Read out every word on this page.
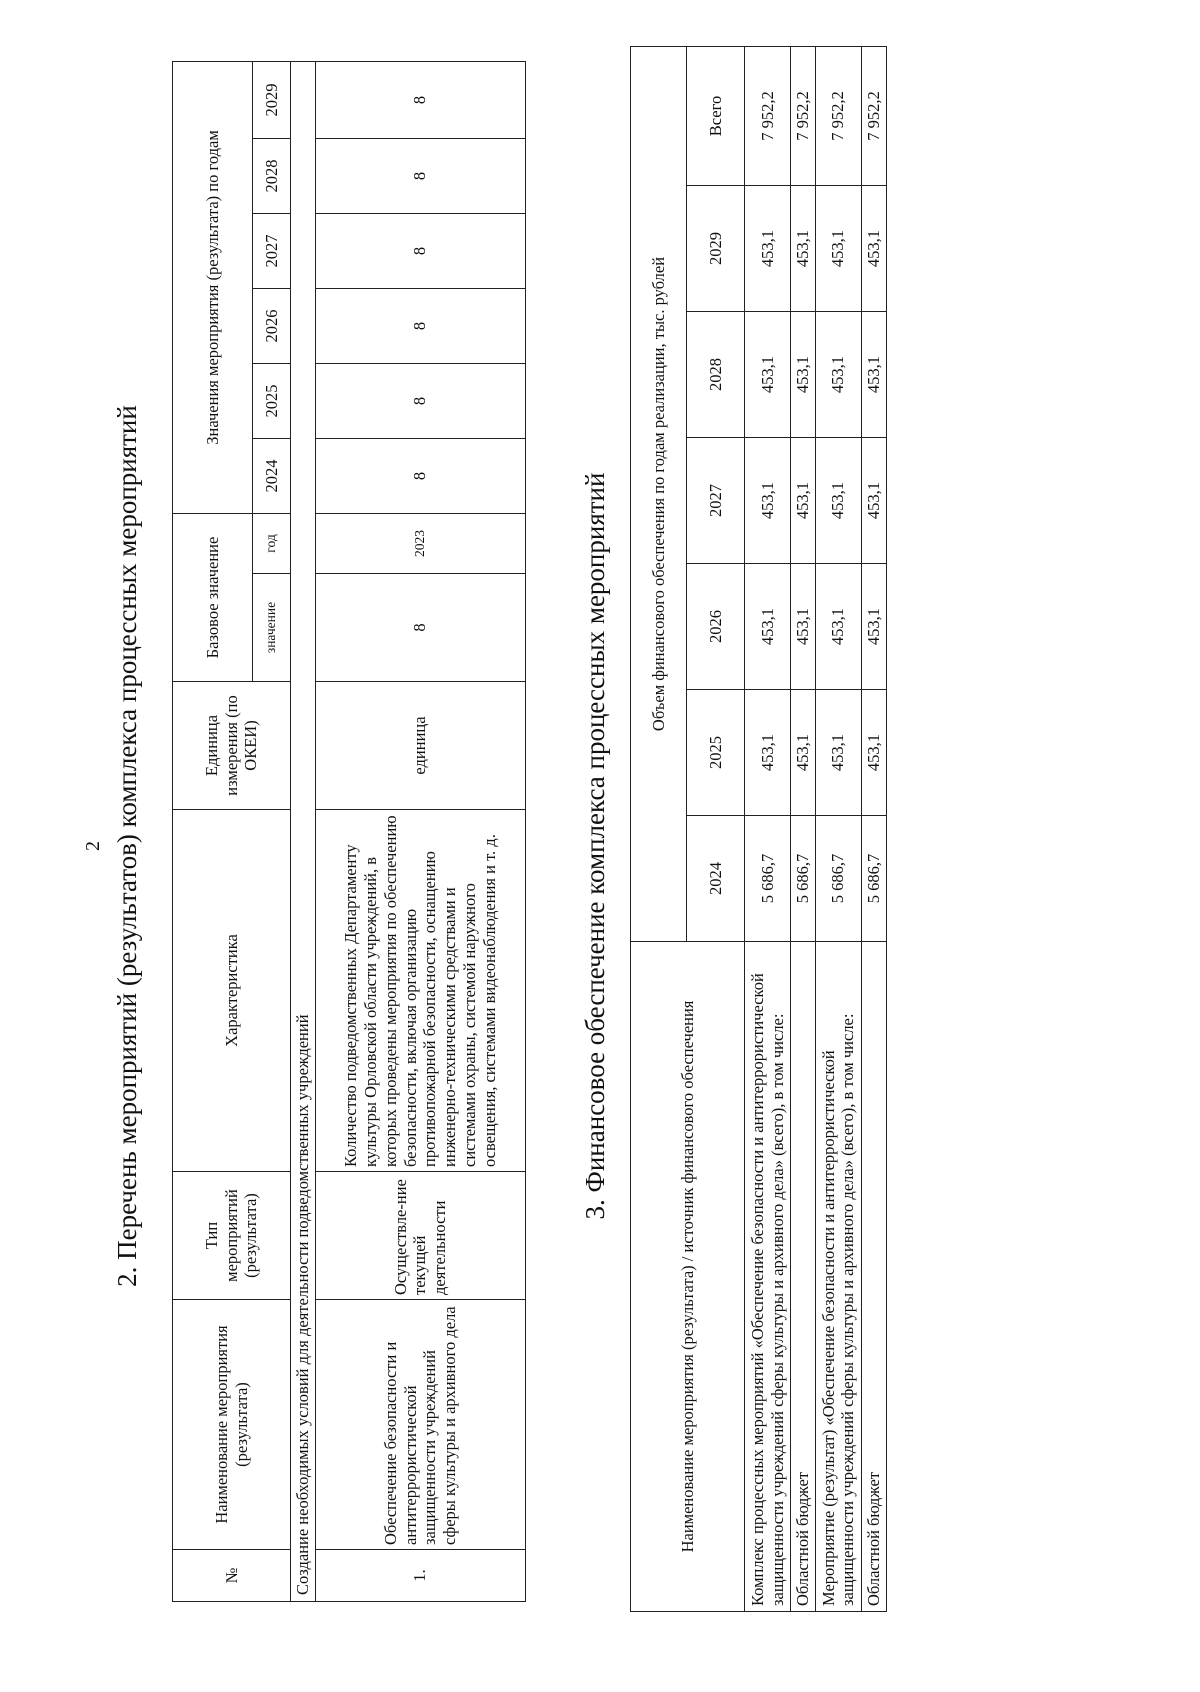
2 2. Перечень мероприятий (результатов) комплекса процессных мероприятий
№	Наименование мероприятия (результата)	Тип мероприятий (результата)	Характеристика	Единица измерения (по ОКЕИ)	Базовое значение		Значения мероприятия (результата) по годам					
					значение	год	2024	2025	2026	2027	2028	2029
Создание необходимых условий для деятельности подведомственных учреждений												
1.	Обеспечение безопасности и антитеррористической защищенности учреждений сферы культуры и архивного дела	Осуществле-ние текущей деятельности	Количество подведомственных Департаменту культуры Орловской области учреждений, в которых проведены мероприятия по обеспечению безопасности, включая организацию противопожарной безопасности, оснащению инженерно-техническими средствами и системами охраны, системой наружного освещения, системами видеонаблюдения и т. д.	единица	8	2023	8	8	8	8	8	8
3. Финансовое обеспечение комплекса процессных мероприятий
Наименование мероприятия (результата) / источник финансового обеспечения	Объем финансового обеспечения по годам реализации, тыс. рублей						
	2024	2025	2026	2027	2028	2029	Всего
Комплекс процессных мероприятий «Обеспечение безопасности и антитеррористической защищенности учреждений сферы культуры и архивного дела» (всего), в том числе:	5 686,7	453,1	453,1	453,1	453,1	453,1	7 952,2
Областной бюджет	5 686,7	453,1	453,1	453,1	453,1	453,1	7 952,2
Мероприятие (результат) «Обеспечение безопасности и антитеррористической защищенности учреждений сферы культуры и архивного дела» (всего), в том числе:	5 686,7	453,1	453,1	453,1	453,1	453,1	7 952,2
Областной бюджет	5 686,7	453,1	453,1	453,1	453,1	453,1	7 952,2
